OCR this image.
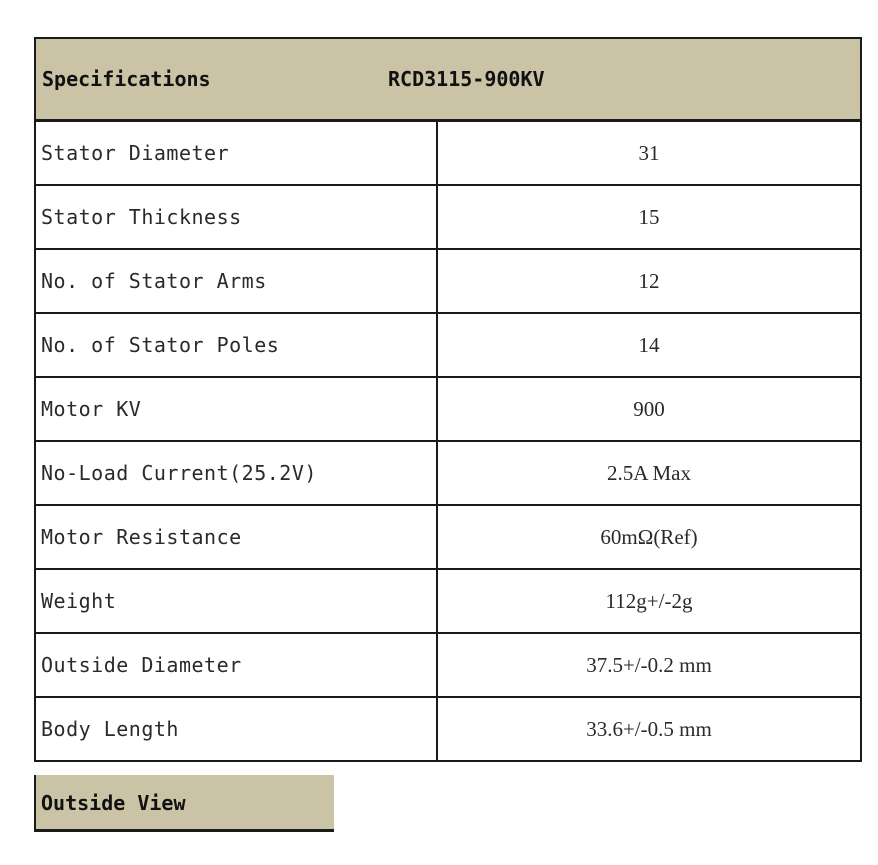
Specifications RCD3115-900KV	
Stator Diameter	31
Stator Thickness	15
No. of Stator Arms	12
No. of Stator Poles	14
Motor KV	900
No-Load Current(25.2V)	2.5A Max
Motor Resistance	60mΩ(Ref)
Weight	112g+/-2g
Outside Diameter	37.5+/-0.2 mm
Body Length	33.6+/-0.5 mm
Outside View
